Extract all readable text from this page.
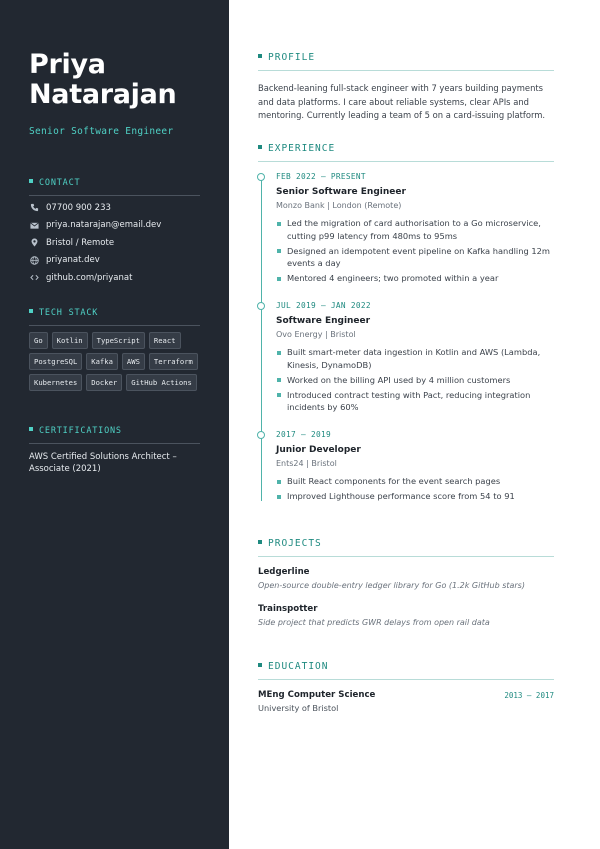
Priya
Natarajan
Senior Software Engineer
CONTACT
07700 900 233
priya.natarajan@email.dev
Bristol / Remote
priyanat.dev
github.com/priyanat
TECH STACK
Go	Kotlin	TypeScript	React
PostgreSQL	Kafka	AWS	Terraform
Kubernetes	Docker	GitHub Actions
CERTIFICATIONS
AWS Certified Solutions Architect – Associate (2021)
PROFILE
Backend-leaning full-stack engineer with 7 years building payments and data platforms. I care about reliable systems, clear APIs and mentoring. Currently leading a team of 5 on a card-issuing platform.
EXPERIENCE
FEB 2022 – PRESENT
Senior Software Engineer
Monzo Bank | London (Remote)
Led the migration of card authorisation to a Go microservice, cutting p99 latency from 480ms to 95ms
Designed an idempotent event pipeline on Kafka handling 12m events a day
Mentored 4 engineers; two promoted within a year
JUL 2019 – JAN 2022
Software Engineer
Ovo Energy | Bristol
Built smart-meter data ingestion in Kotlin and AWS (Lambda, Kinesis, DynamoDB)
Worked on the billing API used by 4 million customers
Introduced contract testing with Pact, reducing integration incidents by 60%
2017 – 2019
Junior Developer
Ents24 | Bristol
Built React components for the event search pages
Improved Lighthouse performance score from 54 to 91
PROJECTS
Ledgerline
Open-source double-entry ledger library for Go (1.2k GitHub stars)
Trainspotter
Side project that predicts GWR delays from open rail data
EDUCATION
MEng Computer Science
University of Bristol
2013 – 2017
